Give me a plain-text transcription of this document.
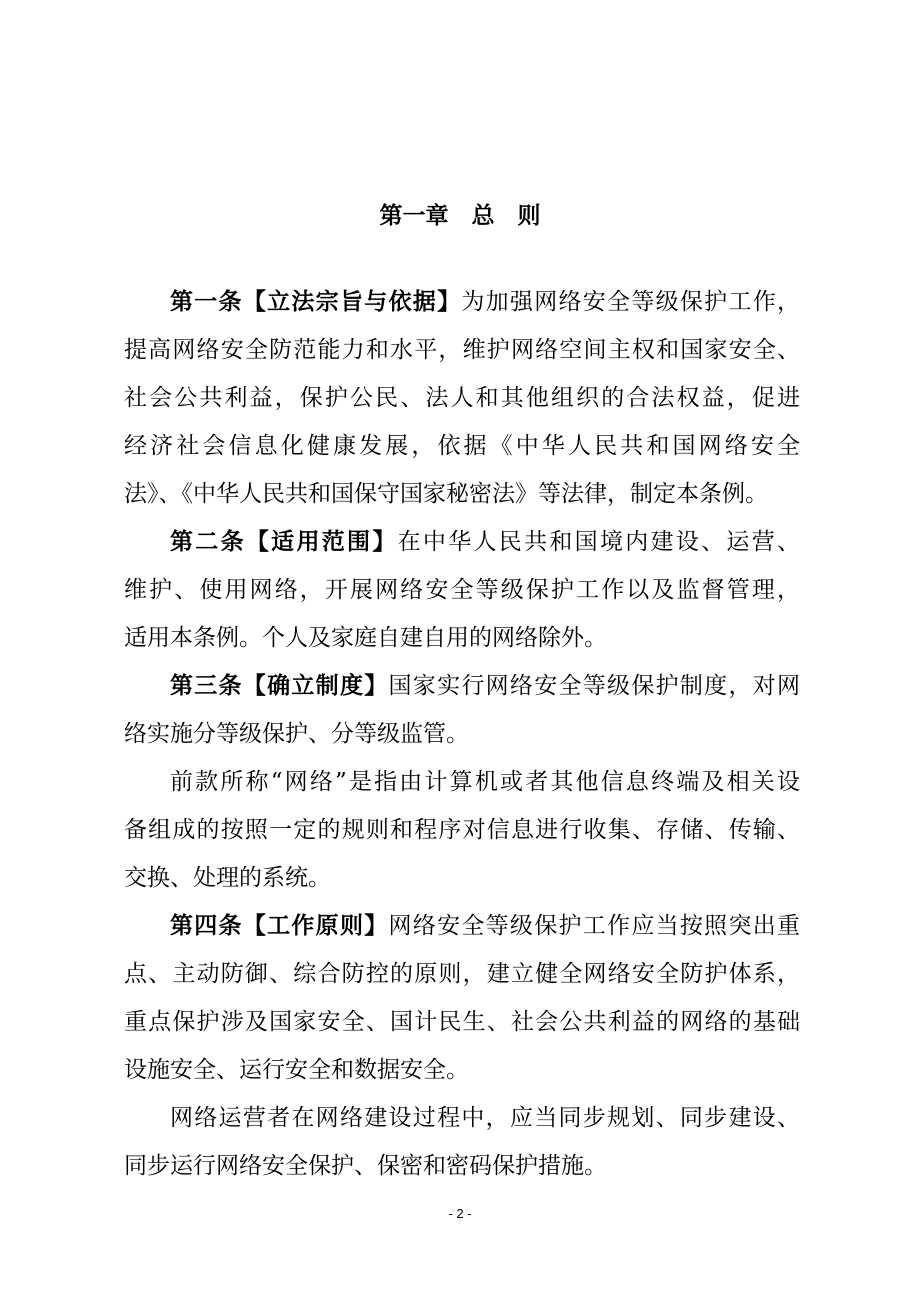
第一章　总　则
第一条【立法宗旨与依据】为加强网络安全等级保护工作，
提高网络安全防范能力和水平，维护网络空间主权和国家安全、
社会公共利益，保护公民、法人和其他组织的合法权益，促进
经济社会信息化健康发展，依据《中华人民共和国网络安全
法》、《中华人民共和国保守国家秘密法》等法律，制定本条例。
第二条【适用范围】在中华人民共和国境内建设、运营、
维护、使用网络，开展网络安全等级保护工作以及监督管理，
适用本条例。个人及家庭自建自用的网络除外。
第三条【确立制度】国家实行网络安全等级保护制度，对网
络实施分等级保护、分等级监管。
前款所称“网络”是指由计算机或者其他信息终端及相关设
备组成的按照一定的规则和程序对信息进行收集、存储、传输、
交换、处理的系统。
第四条【工作原则】网络安全等级保护工作应当按照突出重
点、主动防御、综合防控的原则，建立健全网络安全防护体系，
重点保护涉及国家安全、国计民生、社会公共利益的网络的基础
设施安全、运行安全和数据安全。
网络运营者在网络建设过程中，应当同步规划、同步建设、
同步运行网络安全保护、保密和密码保护措施。
- 2 -
